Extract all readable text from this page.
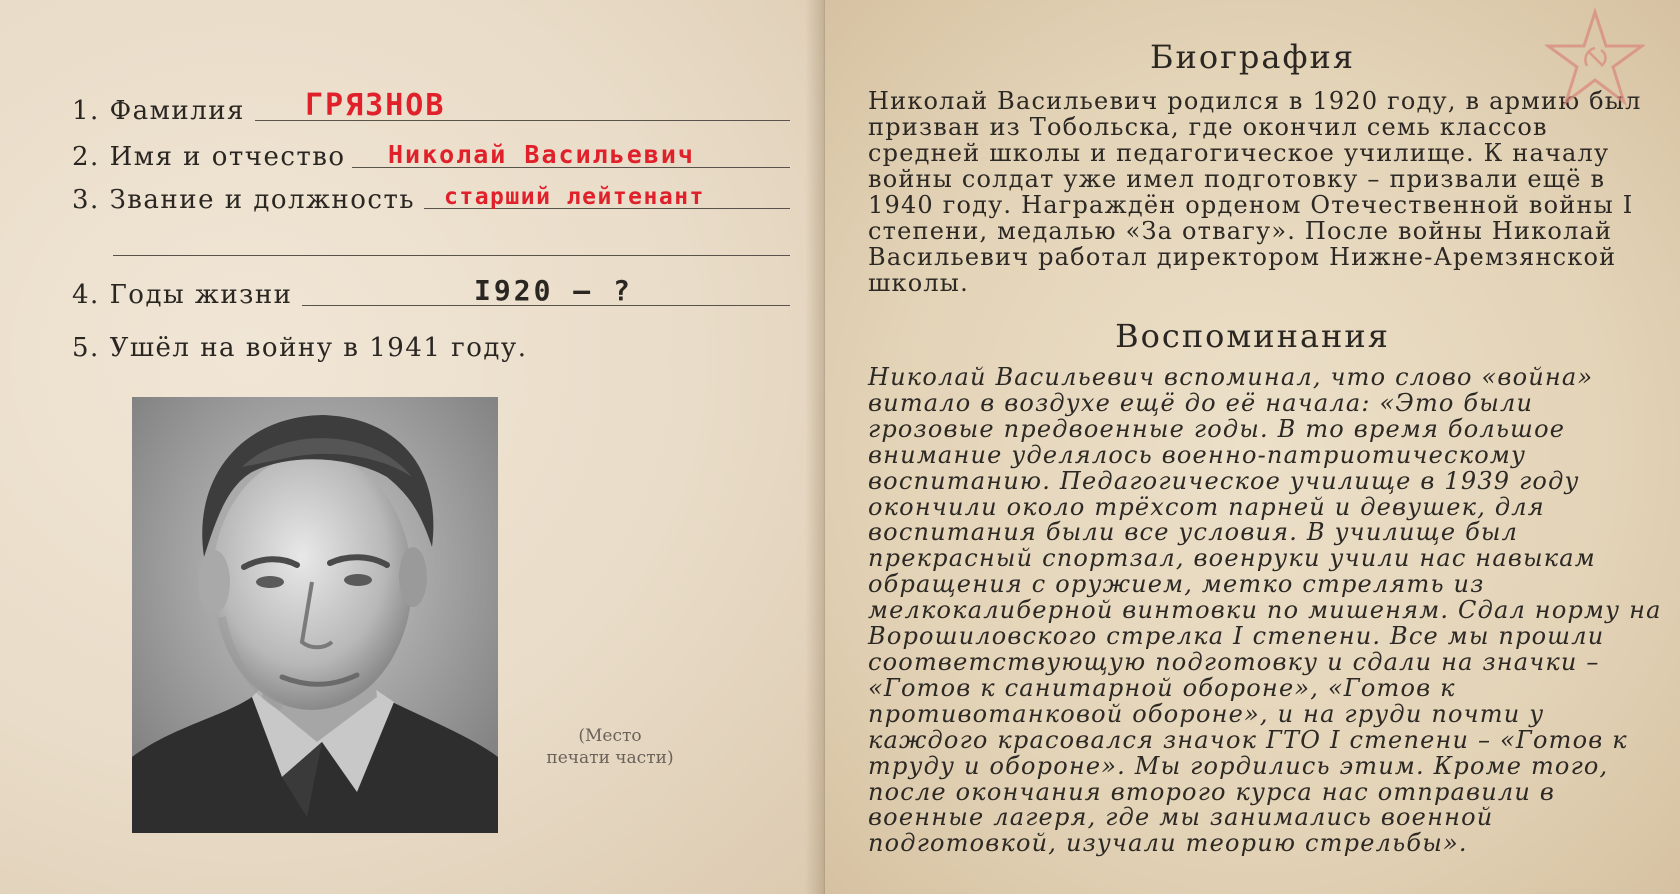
1. Фамилия ГРЯЗНОВ
2. Имя и отчество Николай Васильевич
3. Звание и должность старший лейтенант
4. Годы жизни	I920 — ?
5. Ушёл на войну в 1941 году.
(Место
печати части)
Биография

Николай Васильевич родился в 1920 году, в армию был призван из Тобольска, где окончил семь классов средней школы и педагогическое училище. К началу войны солдат уже имел подготовку – призвали ещё в 1940 году. Награждён орденом Отечественной войны I степени, медалью «За отвагу». После войны Николай Васильевич работал директором Нижне-Аремзянской школы.

Воспоминания

Николай Васильевич вспоминал, что слово «война» витало в воздухе ещё до её начала: «Это были грозовые предвоенные годы. В то время большое внимание уделялось военно-патриотическому воспитанию. Педагогическое училище в 1939 году окончили около трёхсот парней и девушек, для воспитания были все условия. В училище был прекрасный спортзал, военруки учили нас навыкам обращения с оружием, метко стрелять из мелкокалиберной винтовки по мишеням. Сдал норму на Ворошиловского стрелка I степени. Все мы прошли соответствующую подготовку и сдали на значки – «Готов к санитарной обороне», «Готов к противотанковой обороне», и на груди почти у каждого красовался значок ГТО I степени – «Готов к труду и обороне». Мы гордились этим. Кроме того, после окончания второго курса нас отправили в военные лагеря, где мы занимались военной подготовкой, изучали теорию стрельбы».
